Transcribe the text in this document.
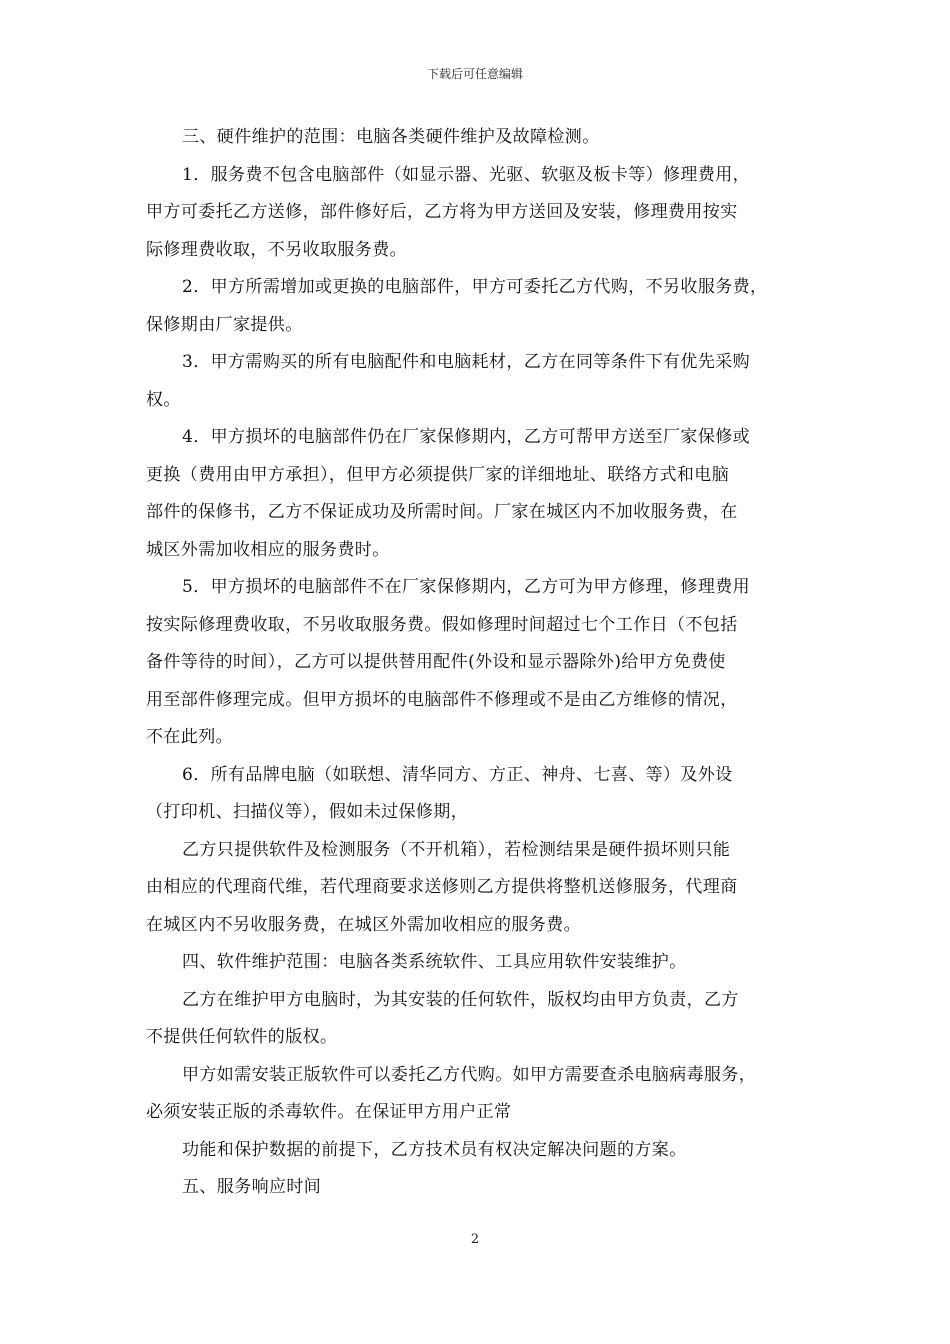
下载后可任意编辑
三、硬件维护的范围：电脑各类硬件维护及故障检测。
1．服务费不包含电脑部件（如显示器、光驱、软驱及板卡等）修理费用，
甲方可委托乙方送修，部件修好后，乙方将为甲方送回及安装，修理费用按实
际修理费收取，不另收取服务费。
2．甲方所需增加或更换的电脑部件，甲方可委托乙方代购，不另收服务费，
保修期由厂家提供。
3．甲方需购买的所有电脑配件和电脑耗材，乙方在同等条件下有优先采购
权。
4．甲方损坏的电脑部件仍在厂家保修期内，乙方可帮甲方送至厂家保修或
更换（费用由甲方承担），但甲方必须提供厂家的详细地址、联络方式和电脑
部件的保修书，乙方不保证成功及所需时间。厂家在城区内不加收服务费，在
城区外需加收相应的服务费时。
5．甲方损坏的电脑部件不在厂家保修期内，乙方可为甲方修理，修理费用
按实际修理费收取，不另收取服务费。假如修理时间超过七个工作日（不包括
备件等待的时间），乙方可以提供替用配件(外设和显示器除外)给甲方免费使
用至部件修理完成。但甲方损坏的电脑部件不修理或不是由乙方维修的情况，
不在此列。
6．所有品牌电脑（如联想、清华同方、方正、神舟、七喜、等）及外设
（打印机、扫描仪等），假如未过保修期，
乙方只提供软件及检测服务（不开机箱），若检测结果是硬件损坏则只能
由相应的代理商代维，若代理商要求送修则乙方提供将整机送修服务，代理商
在城区内不另收服务费，在城区外需加收相应的服务费。
四、软件维护范围：电脑各类系统软件、工具应用软件安装维护。
乙方在维护甲方电脑时，为其安装的任何软件，版权均由甲方负责，乙方
不提供任何软件的版权。
甲方如需安装正版软件可以委托乙方代购。如甲方需要查杀电脑病毒服务，
必须安装正版的杀毒软件。在保证甲方用户正常
功能和保护数据的前提下，乙方技术员有权决定解决问题的方案。
五、服务响应时间
2
